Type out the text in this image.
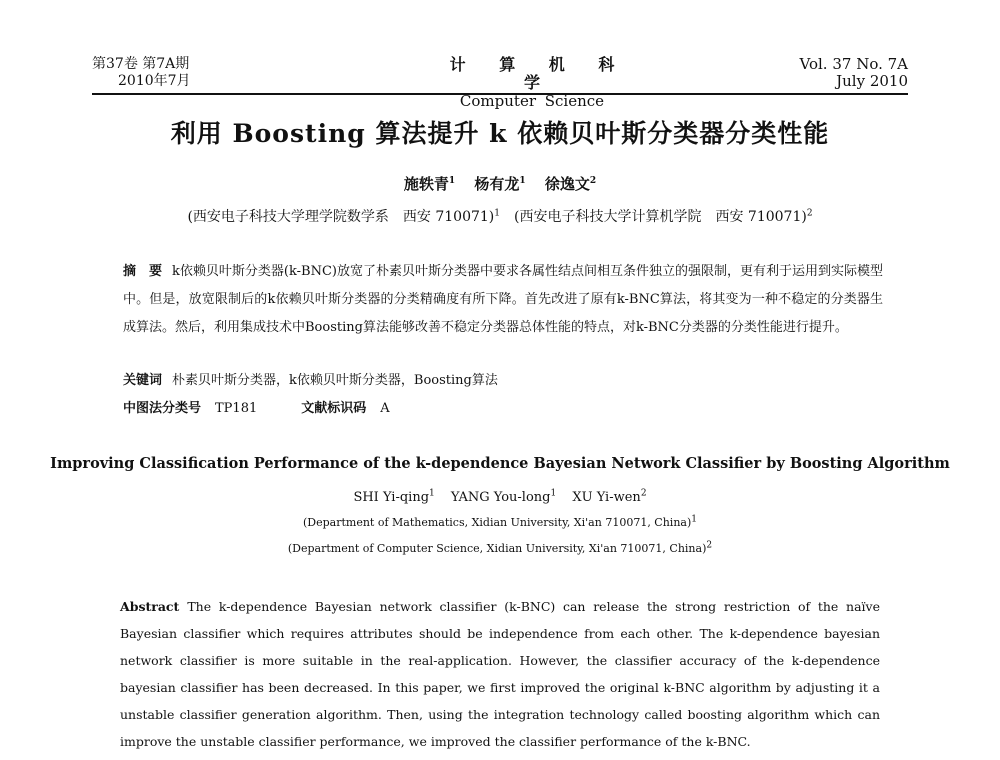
第37卷 第7A期
2010年7月
计 算 机 科 学
Computer Science
Vol. 37 No. 7A
July 2010
利用 Boosting 算法提升 k 依赖贝叶斯分类器分类性能
施轶青$^1$ 杨有龙$^1$ 徐逸文$^2$
(西安电子科技大学理学院数学系　西安 710071)$^1$　(西安电子科技大学计算机学院　西安 710071)$^2$
摘　要 k依赖贝叶斯分类器(k-BNC)放宽了朴素贝叶斯分类器中要求各属性结点间相互条件独立的强限制，更有利于运用到实际模型中。但是，放宽限制后的k依赖贝叶斯分类器的分类精确度有所下降。首先改进了原有k-BNC算法，将其变为一种不稳定的分类器生成算法。然后，利用集成技术中Boosting算法能够改善不稳定分类器总体性能的特点，对k-BNC分类器的分类性能进行提升。
关键词 朴素贝叶斯分类器，k依赖贝叶斯分类器，Boosting算法
中图法分类号 TP181	文献标识码 A
Improving Classification Performance of the k-dependence Bayesian Network Classifier by Boosting Algorithm
SHI Yi-qing$^1$ YANG You-long$^1$ XU Yi-wen$^2$
(Department of Mathematics, Xidian University, Xi'an 710071, China)$^1$
(Department of Computer Science, Xidian University, Xi'an 710071, China)$^2$
Abstract The k-dependence Bayesian network classifier (k-BNC) can release the strong restriction of the naïve Bayesian classifier which requires attributes should be independence from each other. The k-dependence bayesian network classifier is more suitable in the real-application. However, the classifier accuracy of the k-dependence bayesian classifier has been decreased. In this paper, we first improved the original k-BNC algorithm by adjusting it a unstable classifier generation algorithm. Then, using the integration technology called boosting algorithm which can improve the unstable classifier performance, we improved the classifier performance of the k-BNC.
